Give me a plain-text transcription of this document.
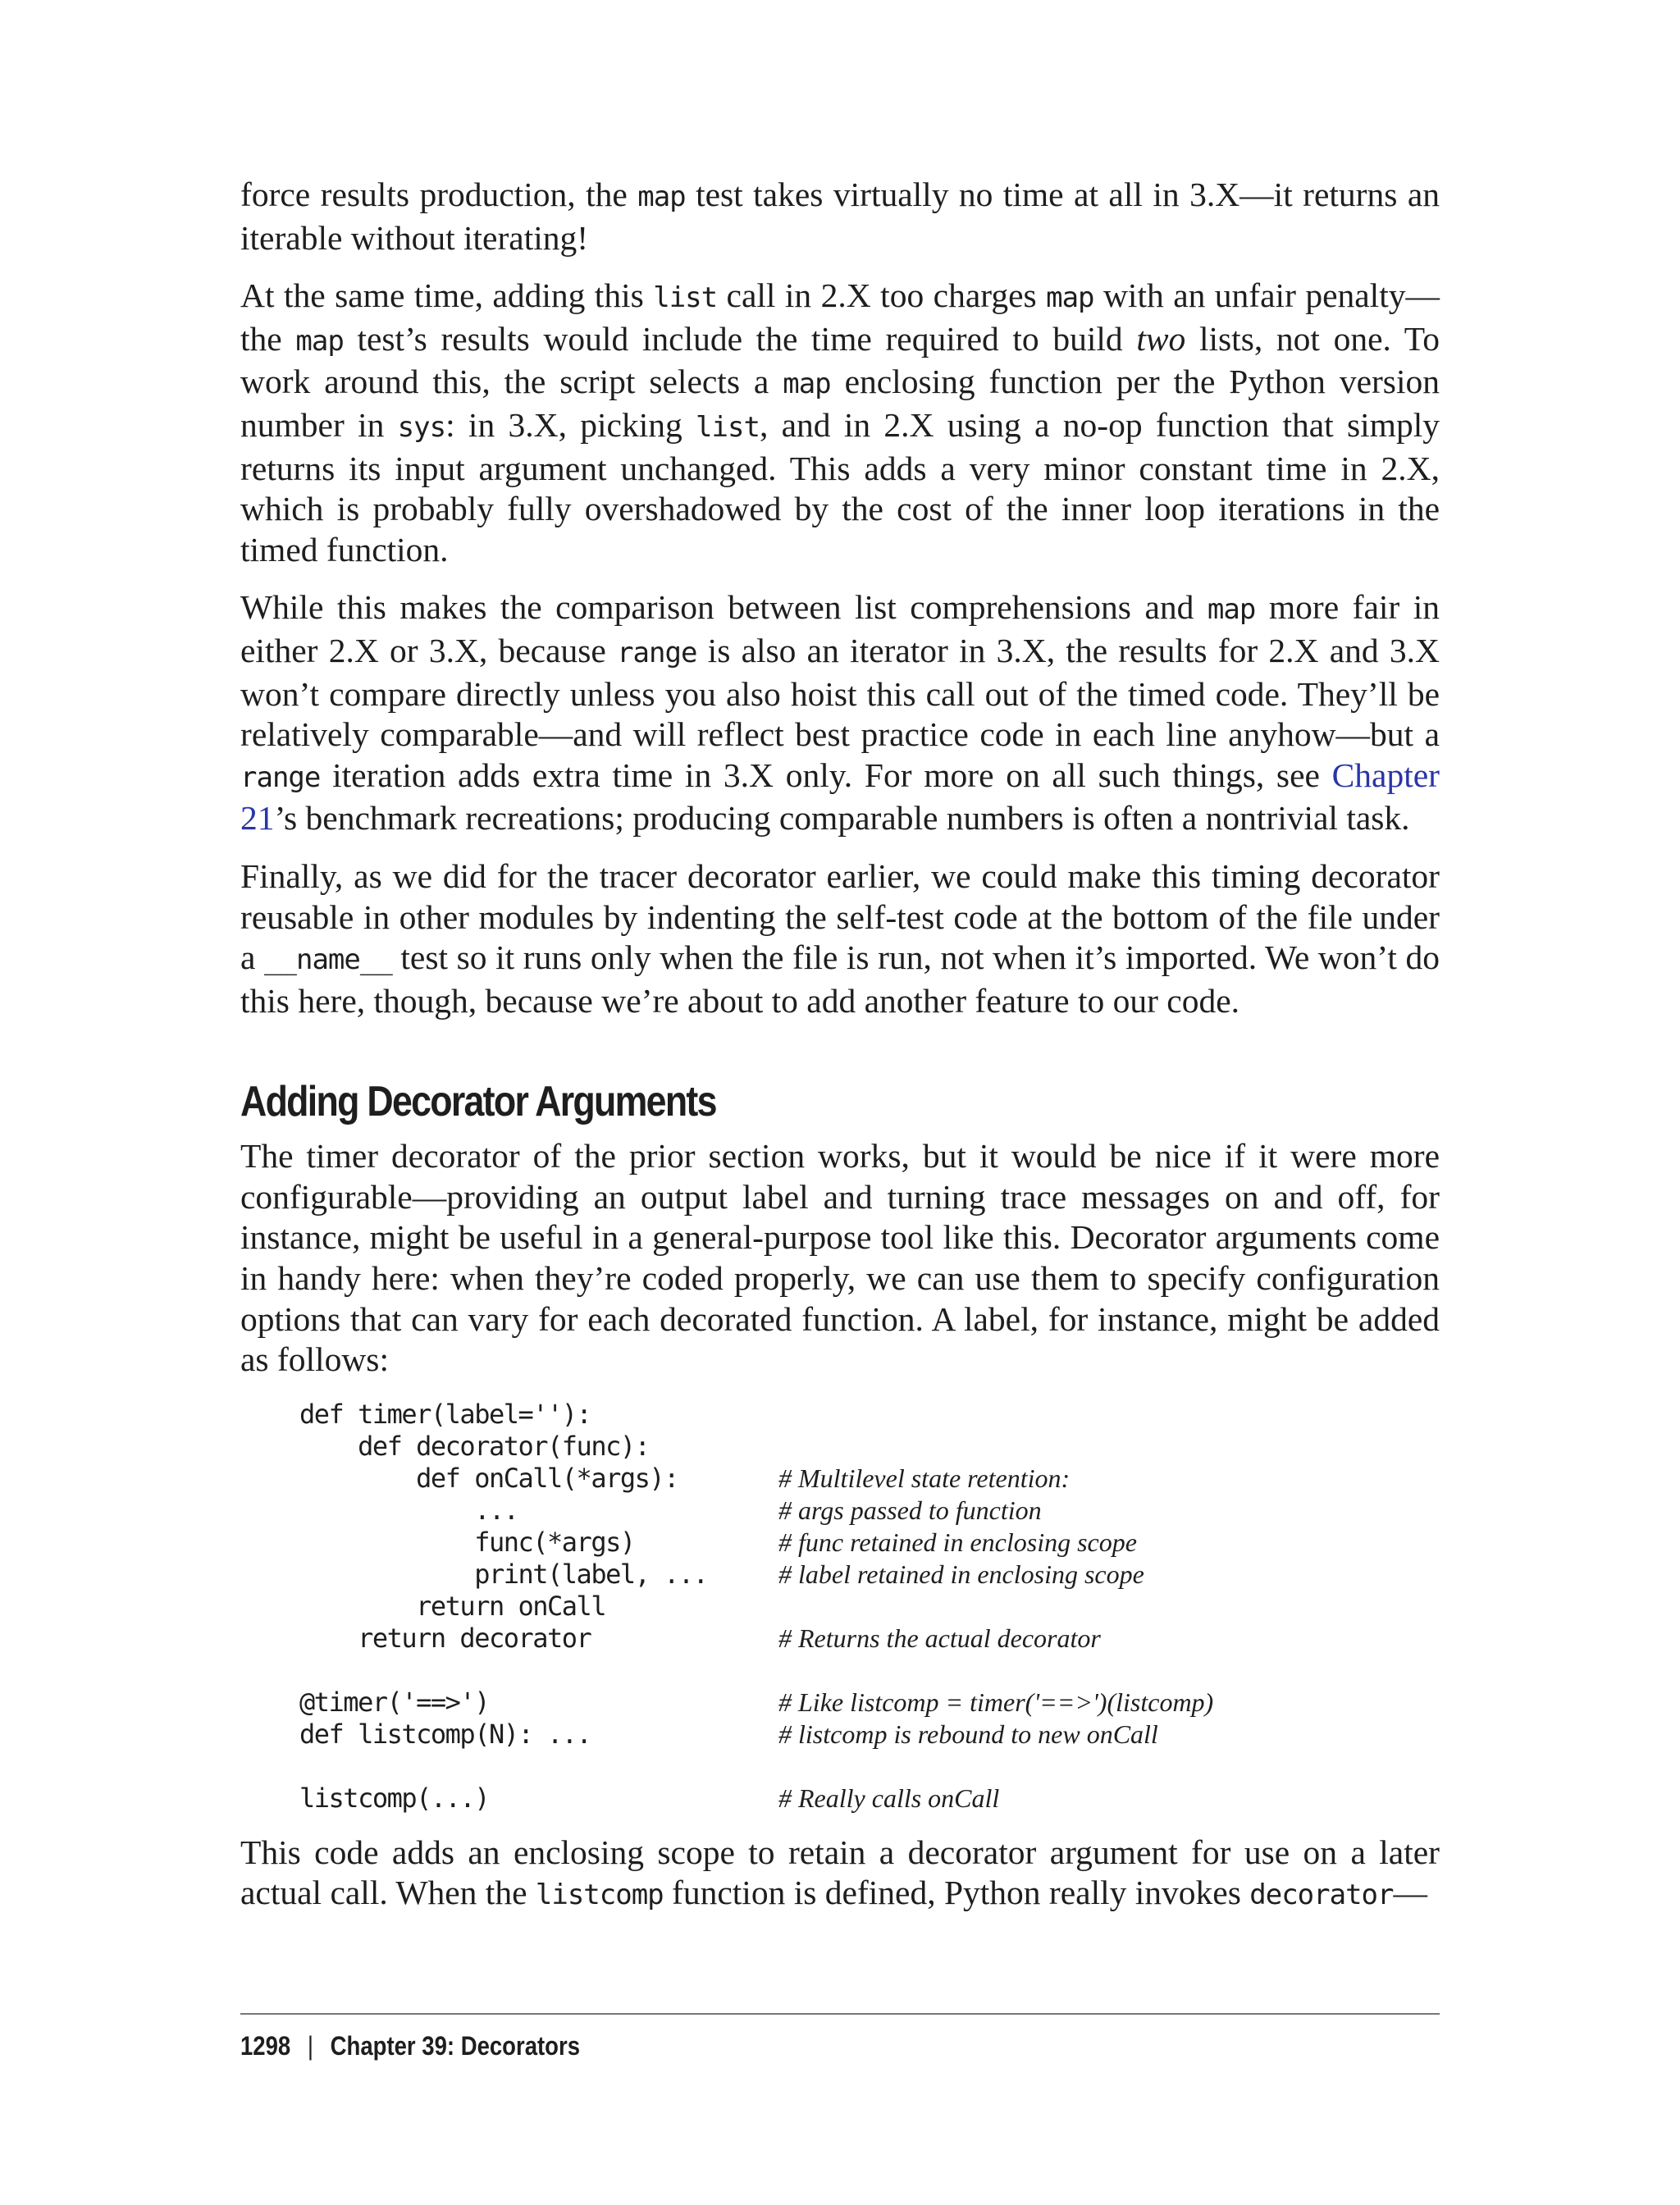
force results production, the map test takes virtually no time at all in 3.X—it returns an iterable without iterating!

At the same time, adding this list call in 2.X too charges map with an unfair penalty—the map test’s results would include the time required to build two lists, not one. To work around this, the script selects a map enclosing function per the Python version number in sys: in 3.X, picking list, and in 2.X using a no-op function that simply returns its input argument unchanged. This adds a very minor constant time in 2.X, which is probably fully overshadowed by the cost of the inner loop iterations in the timed function.

While this makes the comparison between list comprehensions and map more fair in either 2.X or 3.X, because range is also an iterator in 3.X, the results for 2.X and 3.X won’t compare directly unless you also hoist this call out of the timed code. They’ll be relatively comparable—and will reflect best practice code in each line anyhow—but a range iteration adds extra time in 3.X only. For more on all such things, see Chapter 21’s benchmark recreations; producing comparable numbers is often a nontrivial task.

Finally, as we did for the tracer decorator earlier, we could make this timing decorator reusable in other modules by indenting the self-test code at the bottom of the file under a __name__ test so it runs only when the file is run, not when it’s imported. We won’t do this here, though, because we’re about to add another feature to our code.

Adding Decorator Arguments

The timer decorator of the prior section works, but it would be nice if it were more configurable—providing an output label and turning trace messages on and off, for instance, might be useful in a general-purpose tool like this. Decorator arguments come in handy here: when they’re coded properly, we can use them to specify configuration options that can vary for each decorated function. A label, for instance, might be added as follows:

def timer(label=''):
def decorator(func):
def onCall(*args):	# Multilevel state retention:
...	# args passed to function
func(*args)	# func retained in enclosing scope
print(label, ...	# label retained in enclosing scope
return onCall
return decorator	# Returns the actual decorator
@timer('==>')	# Like listcomp = timer('==>')(listcomp)
def listcomp(N): ...	# listcomp is rebound to new onCall
listcomp(...)	# Really calls onCall

This code adds an enclosing scope to retain a decorator argument for use on a later actual call. When the listcomp function is defined, Python really invokes decorator—

1298 | Chapter 39: Decorators
